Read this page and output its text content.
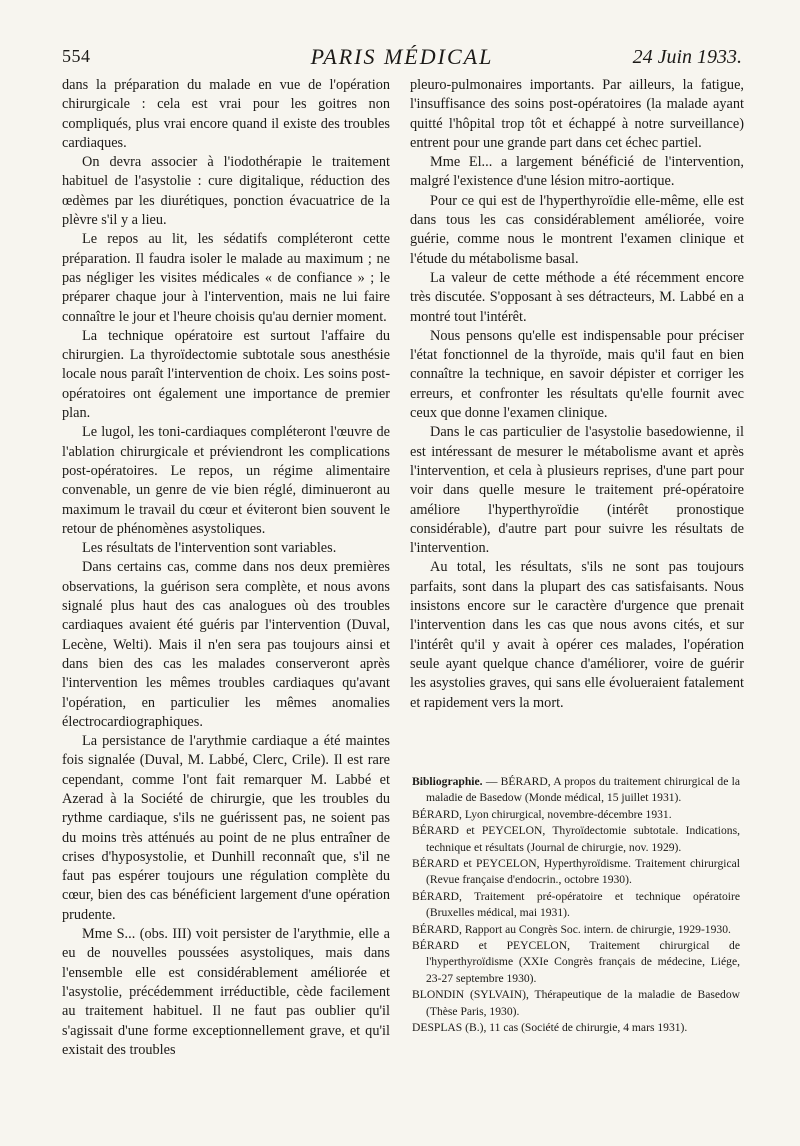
554	PARIS MÉDICAL	24 Juin 1933.

dans la préparation du malade en vue de l'opération chirurgicale : cela est vrai pour les goitres non compliqués, plus vrai encore quand il existe des troubles cardiaques.

On devra associer à l'iodothérapie le traitement habituel de l'asystolie : cure digitalique, réduction des œdèmes par les diurétiques, ponction évacuatrice de la plèvre s'il y a lieu.

Le repos au lit, les sédatifs compléteront cette préparation. Il faudra isoler le malade au maximum ; ne pas négliger les visites médicales « de confiance » ; le préparer chaque jour à l'intervention, mais ne lui faire connaître le jour et l'heure choisis qu'au dernier moment.

La technique opératoire est surtout l'affaire du chirurgien. La thyroïdectomie subtotale sous anesthésie locale nous paraît l'intervention de choix. Les soins post-opératoires ont également une importance de premier plan.

Le lugol, les toni-cardiaques compléteront l'œuvre de l'ablation chirurgicale et préviendront les complications post-opératoires. Le repos, un régime alimentaire convenable, un genre de vie bien réglé, diminueront au maximum le travail du cœur et éviteront bien souvent le retour de phénomènes asystoliques.

Les résultats de l'intervention sont variables.

Dans certains cas, comme dans nos deux premières observations, la guérison sera complète, et nous avons signalé plus haut des cas analogues où des troubles cardiaques avaient été guéris par l'intervention (Duval, Lecène, Welti). Mais il n'en sera pas toujours ainsi et dans bien des cas les malades conserveront après l'intervention les mêmes troubles cardiaques qu'avant l'opération, en particulier les mêmes anomalies électrocardiographiques.

La persistance de l'arythmie cardiaque a été maintes fois signalée (Duval, M. Labbé, Clerc, Crile). Il est rare cependant, comme l'ont fait remarquer M. Labbé et Azerad à la Société de chirurgie, que les troubles du rythme cardiaque, s'ils ne guérissent pas, ne soient pas du moins très atténués au point de ne plus entraîner de crises d'hyposystolie, et Dunhill reconnaît que, s'il ne faut pas espérer toujours une régulation complète du cœur, bien des cas bénéficient largement d'une opération prudente.

Mme S... (obs. III) voit persister de l'arythmie, elle a eu de nouvelles poussées asystoliques, mais dans l'ensemble elle est considérablement améliorée et l'asystolie, précédemment irréductible, cède facilement au traitement habituel. Il ne faut pas oublier qu'il s'agissait d'une forme exceptionnellement grave, et qu'il existait des troubles

pleuro-pulmonaires importants. Par ailleurs, la fatigue, l'insuffisance des soins post-opératoires (la malade ayant quitté l'hôpital trop tôt et échappé à notre surveillance) entrent pour une grande part dans cet échec partiel.

Mme El... a largement bénéficié de l'intervention, malgré l'existence d'une lésion mitro-aortique.

Pour ce qui est de l'hyperthyroïdie elle-même, elle est dans tous les cas considérablement améliorée, voire guérie, comme nous le montrent l'examen clinique et l'étude du métabolisme basal.

La valeur de cette méthode a été récemment encore très discutée. S'opposant à ses détracteurs, M. Labbé en a montré tout l'intérêt.

Nous pensons qu'elle est indispensable pour préciser l'état fonctionnel de la thyroïde, mais qu'il faut en bien connaître la technique, en savoir dépister et corriger les erreurs, et confronter les résultats qu'elle fournit avec ceux que donne l'examen clinique.

Dans le cas particulier de l'asystolie basedowienne, il est intéressant de mesurer le métabolisme avant et après l'intervention, et cela à plusieurs reprises, d'une part pour voir dans quelle mesure le traitement pré-opératoire améliore l'hyperthyroïdie (intérêt pronostique considérable), d'autre part pour suivre les résultats de l'intervention.

Au total, les résultats, s'ils ne sont pas toujours parfaits, sont dans la plupart des cas satisfaisants. Nous insistons encore sur le caractère d'urgence que prenait l'intervention dans les cas que nous avons cités, et sur l'intérêt qu'il y avait à opérer ces malades, l'opération seule ayant quelque chance d'améliorer, voire de guérir les asystolies graves, qui sans elle évolueraient fatalement et rapidement vers la mort.

Bibliographie. — BÉRARD, A propos du traitement chirurgical de la maladie de Basedow (Monde médical, 15 juillet 1931).
BÉRARD, Lyon chirurgical, novembre-décembre 1931.
BÉRARD et PEYCELON, Thyroïdectomie subtotale. Indications, technique et résultats (Journal de chirurgie, nov. 1929).
BÉRARD et PEYCELON, Hyperthyroïdisme. Traitement chirurgical (Revue française d'endocrin., octobre 1930).
BÉRARD, Traitement pré-opératoire et technique opératoire (Bruxelles médical, mai 1931).
BÉRARD, Rapport au Congrès Soc. intern. de chirurgie, 1929-1930.
BÉRARD et PEYCELON, Traitement chirurgical de l'hyperthyroïdisme (XXIe Congrès français de médecine, Liége, 23-27 septembre 1930).
BLONDIN (SYLVAIN), Thérapeutique de la maladie de Basedow (Thèse Paris, 1930).
DESPLAS (B.), 11 cas (Société de chirurgie, 4 mars 1931).
